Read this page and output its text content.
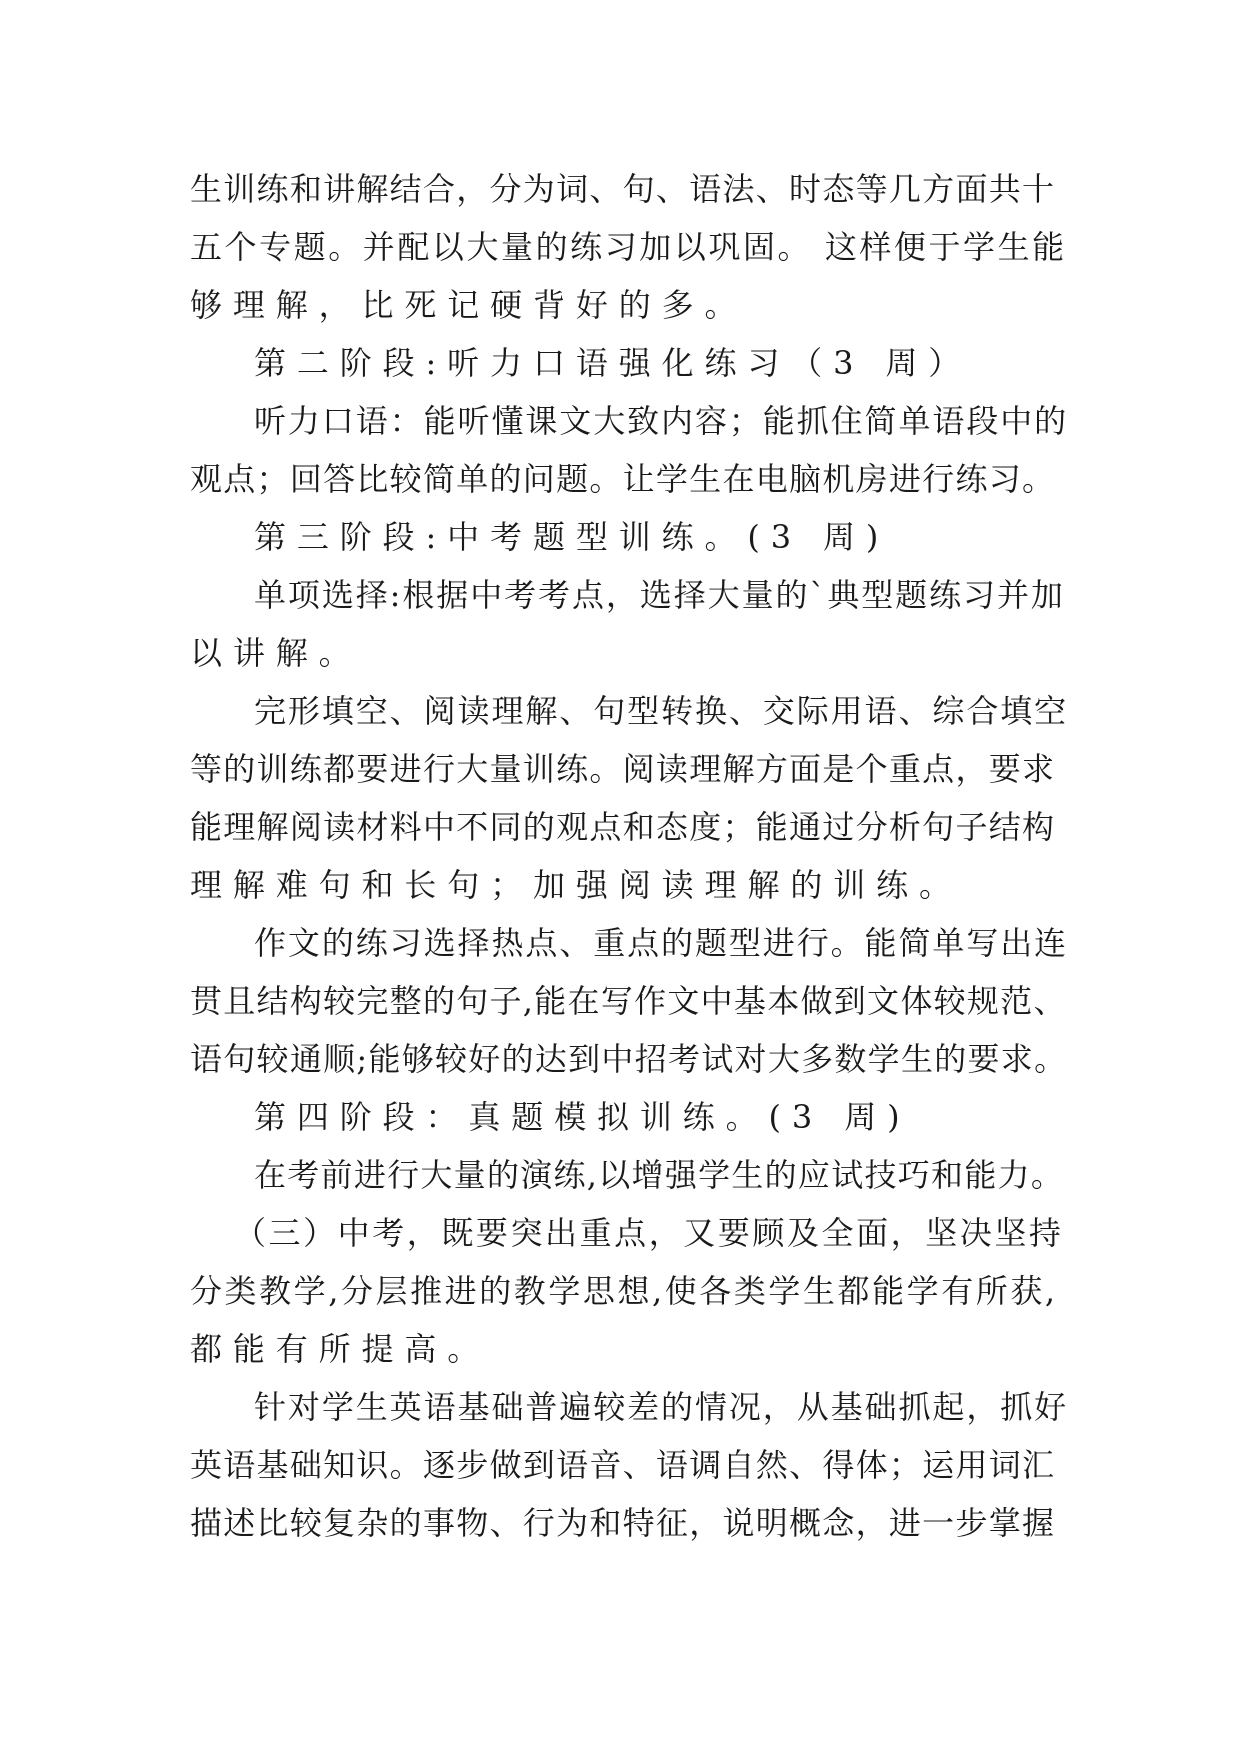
生训练和讲解结合，分为词、句、语法、时态等几方面共十
五个专题。并配以大量的练习加以巩固。 这样便于学生能
够理解，比死记硬背好的多。
第二阶段:听力口语强化练习（3 周）
听力口语：能听懂课文大致内容；能抓住简单语段中的
观点；回答比较简单的问题。让学生在电脑机房进行练习。
第三阶段:中考题型训练。(3 周)
单项选择:根据中考考点，选择大量的`典型题练习并加
以讲解。
完形填空、阅读理解、句型转换、交际用语、综合填空
等的训练都要进行大量训练。阅读理解方面是个重点，要求
能理解阅读材料中不同的观点和态度；能通过分析句子结构
理解难句和长句；加强阅读理解的训练。
作文的练习选择热点、重点的题型进行。能简单写出连
贯且结构较完整的句子,能在写作文中基本做到文体较规范、
语句较通顺;能够较好的达到中招考试对大多数学生的要求。
第四阶段：真题模拟训练。(3 周)
在考前进行大量的演练,以增强学生的应试技巧和能力。
（三）中考，既要突出重点，又要顾及全面，坚决坚持
分类教学,分层推进的教学思想,使各类学生都能学有所获,
都能有所提高。
针对学生英语基础普遍较差的情况，从基础抓起，抓好
英语基础知识。逐步做到语音、语调自然、得体；运用词汇
描述比较复杂的事物、行为和特征，说明概念，进一步掌握
